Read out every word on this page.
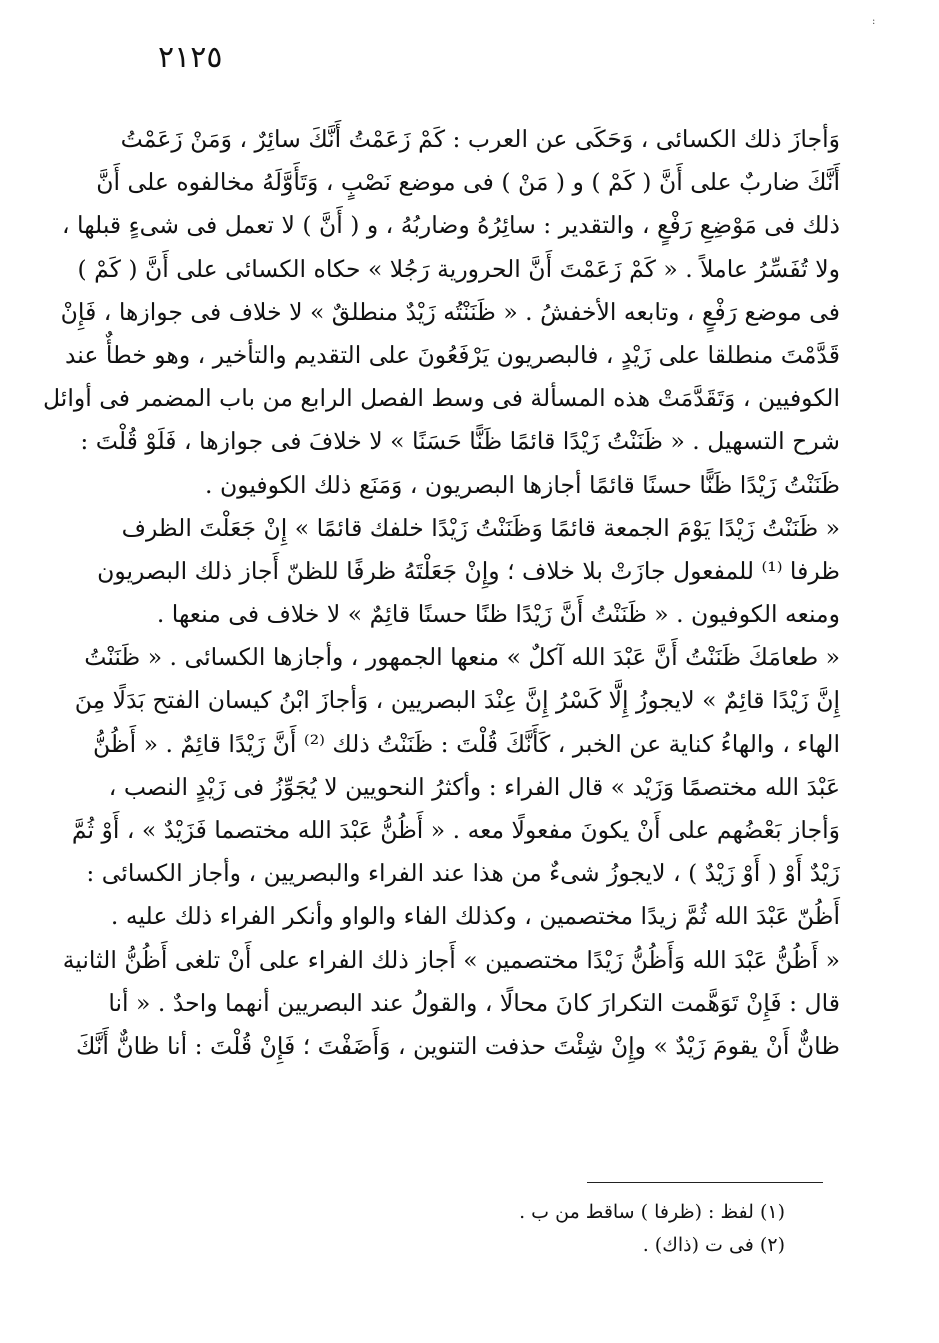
:
٢١٢٥
وَأجازَ ذلك الكسائى ، وَحَكَى عن العرب : كَمْ زَعَمْتُ أَنَّكَ سائِرٌ ، وَمَنْ زَعَمْتُ
أَنَّكَ ضاربٌ على أَنَّ ( كَمْ ) و ( مَنْ ) فى موضع نَصْبٍ ، وَتَأَوَّلَهُ مخالفوه على أَنَّ
ذلك فى مَوْضِعِ رَفْعٍ ، والتقدير : سائِرُهُ وضاربُهُ ، و ( أَنَّ ) لا تعمل فى شىءٍ قبلها ،
ولا تُفَسِّرُ عاملاً . « كَمْ زَعَمْتَ أَنَّ الحرورية رَجُلا » حكاه الكسائى على أَنَّ ( كَمْ )
فى موضع رَفْعٍ ، وتابعه الأخفشُ . « ظَنَنْتُه زَيْدٌ منطلقٌ » لا خلاف فى جوازها ، فَإِنْ
قَدَّمْتَ منطلقا على زَيْدٍ ، فالبصريون يَرْفَعُونَ على التقديم والتأخير ، وهو خطأٌ عند
الكوفيين ، وَتَقَدَّمَتْ هذه المسألة فى وسط الفصل الرابع من باب المضمر فى أوائل
شرح التسهيل . « ظَنَنْتُ زَيْدًا قائمًا ظَنًّا حَسَنًا » لا خلافَ فى جوازها ، فَلَوْ قُلْتَ :
ظَنَنْتُ زَيْدًا ظَنًّا حسنًا قائمًا أجازها البصريون ، وَمَنَع ذلك الكوفيون .
« ظَنَنْتُ زَيْدًا يَوْمَ الجمعة قائمًا وَظَنَنْتُ زَيْدًا خلفك قائمًا » إِنْ جَعَلْتَ الظرف
ظرفا ⁽¹⁾ للمفعول جازَتْ بلا خلاف ؛ وإِنْ جَعَلْتَهُ ظرفًا للظنّ أَجاز ذلك البصريون
ومنعه الكوفيون . « ظَنَنْتُ أَنَّ زَيْدًا ظنًا حسنًا قائِمٌ » لا خلاف فى منعها .
« طعامَكَ ظَنَنْتُ أَنَّ عَبْدَ الله آكلٌ » منعها الجمهور ، وأجازها الكسائى . « ظَنَنْتُ
إِنَّ زَيْدًا قائِمٌ » لايجوزُ إِلَّا كَسْرُ إِنَّ عِنْدَ البصريين ، وَأجازَ ابْنُ كيسان الفتح بَدَلًا مِنَ
الهاء ، والهاءُ كناية عن الخبر ، كَأَنَّكَ قُلْتَ : ظَنَنْتُ ذلك ⁽²⁾ أَنَّ زَيْدًا قائِمٌ . « أَظُنُّ
عَبْدَ الله مختصمًا وَزَيْد » قال الفراء : وأكثرُ النحويين لا يُجَوِّزُ فى زَيْدٍ النصب ،
وَأجاز بَعْضُهم على أَنْ يكونَ مفعولًا معه . « أَظُنُّ عَبْدَ الله مختصما فَزَيْدٌ » ، أَوْ ثُمَّ
زَيْدٌ أَوْ ( أَوْ زَيْدٌ ) ، لايجوزُ شىءٌ من هذا عند الفراء والبصريين ، وأجاز الكسائى :
أَظُنّ عَبْدَ الله ثُمَّ زيدًا مختصمين ، وكذلك الفاء والواو وأنكر الفراء ذلك عليه .
« أَظُنُّ عَبْدَ الله وَأَظُنُّ زَيْدًا مختصمين » أَجاز ذلك الفراء على أَنْ تلغى أَظُنُّ الثانية
قال : فَإِنْ تَوَهَّمت التكرارَ كانَ محالًا ، والقولُ عند البصريين أنهما واحدٌ . « أنا
ظانٌّ أَنْ يقومَ زَيْدٌ » وإِنْ شِئْتَ حذفت التنوين ، وَأَضَفْتَ ؛ فَإِنْ قُلْتَ : أنا ظانٌّ أَنَّكَ
(١) لفظ : (ظرفا ) ساقط من ب .
(٢) فى ت (ذاك) .
